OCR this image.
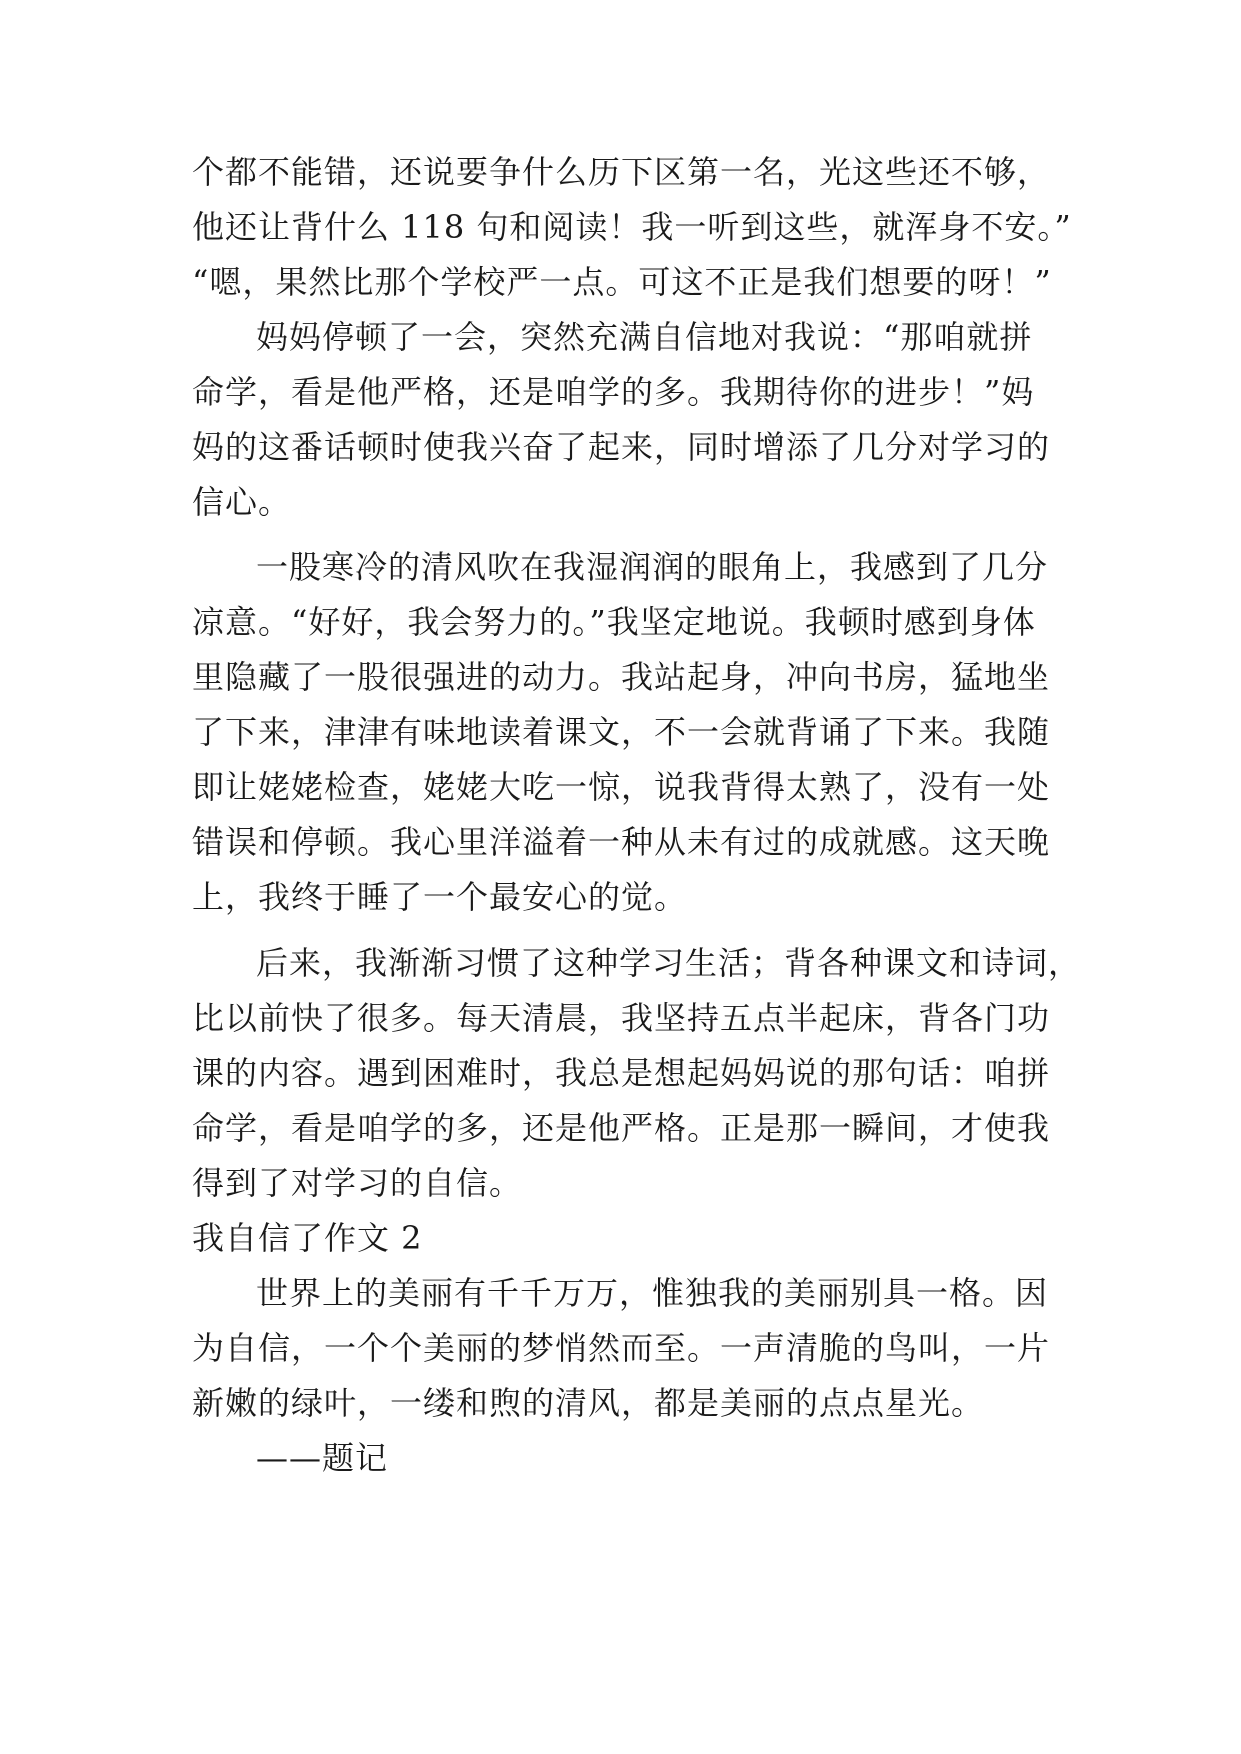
个都不能错，还说要争什么历下区第一名，光这些还不够，
他还让背什么 118 句和阅读！我一听到这些，就浑身不安。”
“嗯，果然比那个学校严一点。可这不正是我们想要的呀！”
妈妈停顿了一会，突然充满自信地对我说：“那咱就拼
命学，看是他严格，还是咱学的多。我期待你的进步！”妈
妈的这番话顿时使我兴奋了起来，同时增添了几分对学习的
信心。
一股寒冷的清风吹在我湿润润的眼角上，我感到了几分
凉意。“好好，我会努力的。”我坚定地说。我顿时感到身体
里隐藏了一股很强进的动力。我站起身，冲向书房，猛地坐
了下来，津津有味地读着课文，不一会就背诵了下来。我随
即让姥姥检查，姥姥大吃一惊，说我背得太熟了，没有一处
错误和停顿。我心里洋溢着一种从未有过的成就感。这天晚
上，我终于睡了一个最安心的觉。
后来，我渐渐习惯了这种学习生活；背各种课文和诗词，
比以前快了很多。每天清晨，我坚持五点半起床，背各门功
课的内容。遇到困难时，我总是想起妈妈说的那句话：咱拼
命学，看是咱学的多，还是他严格。正是那一瞬间，才使我
得到了对学习的自信。
我自信了作文 2
世界上的美丽有千千万万，惟独我的美丽别具一格。因
为自信，一个个美丽的梦悄然而至。一声清脆的鸟叫，一片
新嫩的绿叶，一缕和煦的清风，都是美丽的点点星光。
——题记
